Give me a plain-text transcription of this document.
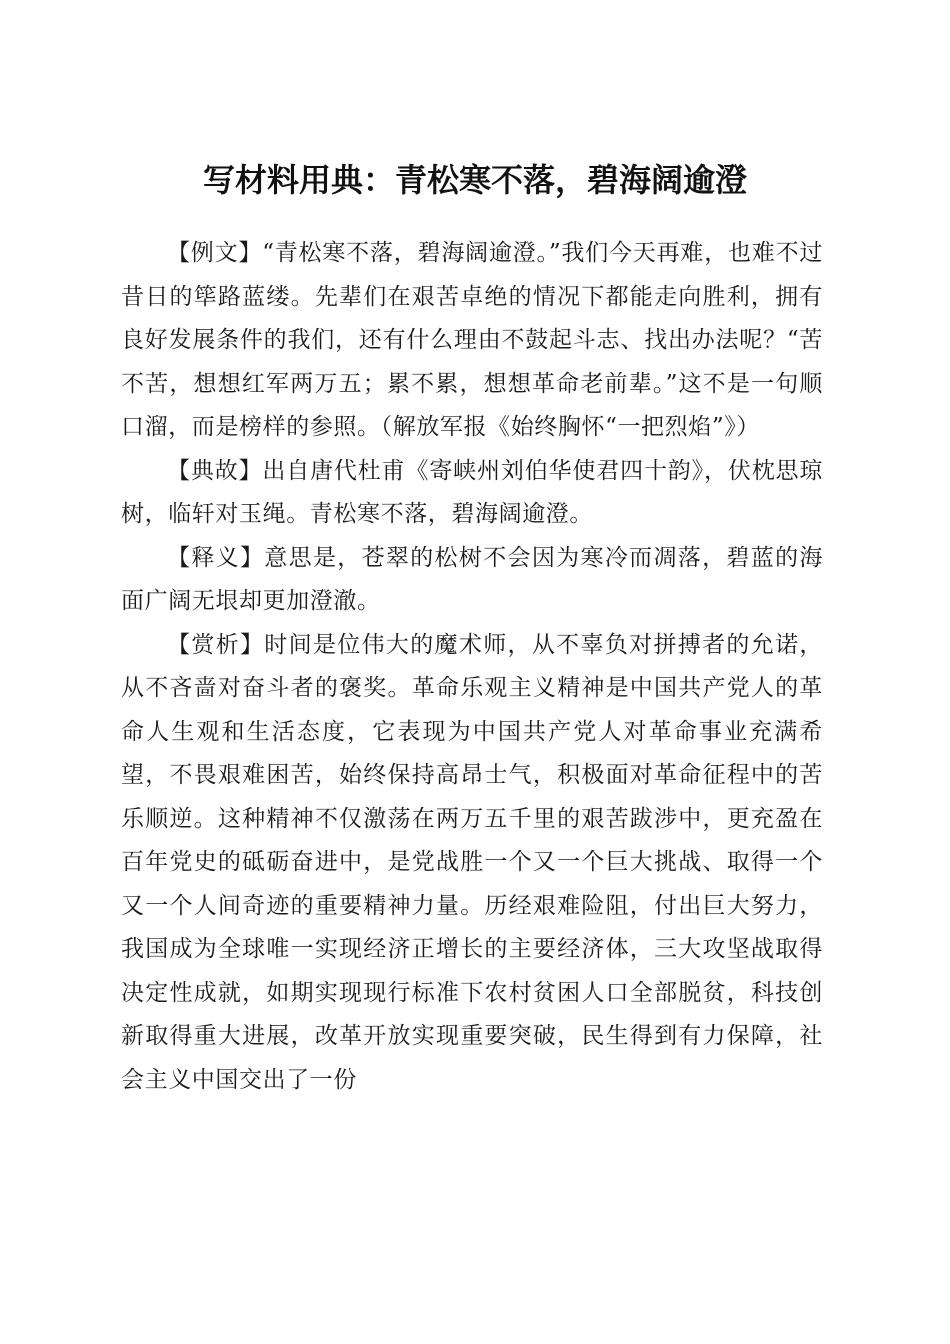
写材料用典：青松寒不落，碧海阔逾澄

【例文】“青松寒不落，碧海阔逾澄。”我们今天再难，也难不过昔日的筚路蓝缕。先辈们在艰苦卓绝的情况下都能走向胜利，拥有良好发展条件的我们，还有什么理由不鼓起斗志、找出办法呢？“苦不苦，想想红军两万五；累不累，想想革命老前辈。”这不是一句顺口溜，而是榜样的参照。（解放军报《始终胸怀“一把烈焰”》）

【典故】出自唐代杜甫《寄峡州刘伯华使君四十韵》，伏枕思琼树，临轩对玉绳。青松寒不落，碧海阔逾澄。

【释义】意思是，苍翠的松树不会因为寒冷而凋落，碧蓝的海面广阔无垠却更加澄澈。

【赏析】时间是位伟大的魔术师，从不辜负对拼搏者的允诺，从不吝啬对奋斗者的褒奖。革命乐观主义精神是中国共产党人的革命人生观和生活态度，它表现为中国共产党人对革命事业充满希望，不畏艰难困苦，始终保持高昂士气，积极面对革命征程中的苦乐顺逆。这种精神不仅激荡在两万五千里的艰苦跋涉中，更充盈在百年党史的砥砺奋进中，是党战胜一个又一个巨大挑战、取得一个又一个人间奇迹的重要精神力量。历经艰难险阻，付出巨大努力，我国成为全球唯一实现经济正增长的主要经济体，三大攻坚战取得决定性成就，如期实现现行标准下农村贫困人口全部脱贫，科技创新取得重大进展，改革开放实现重要突破，民生得到有力保障，社会主义中国交出了一份
